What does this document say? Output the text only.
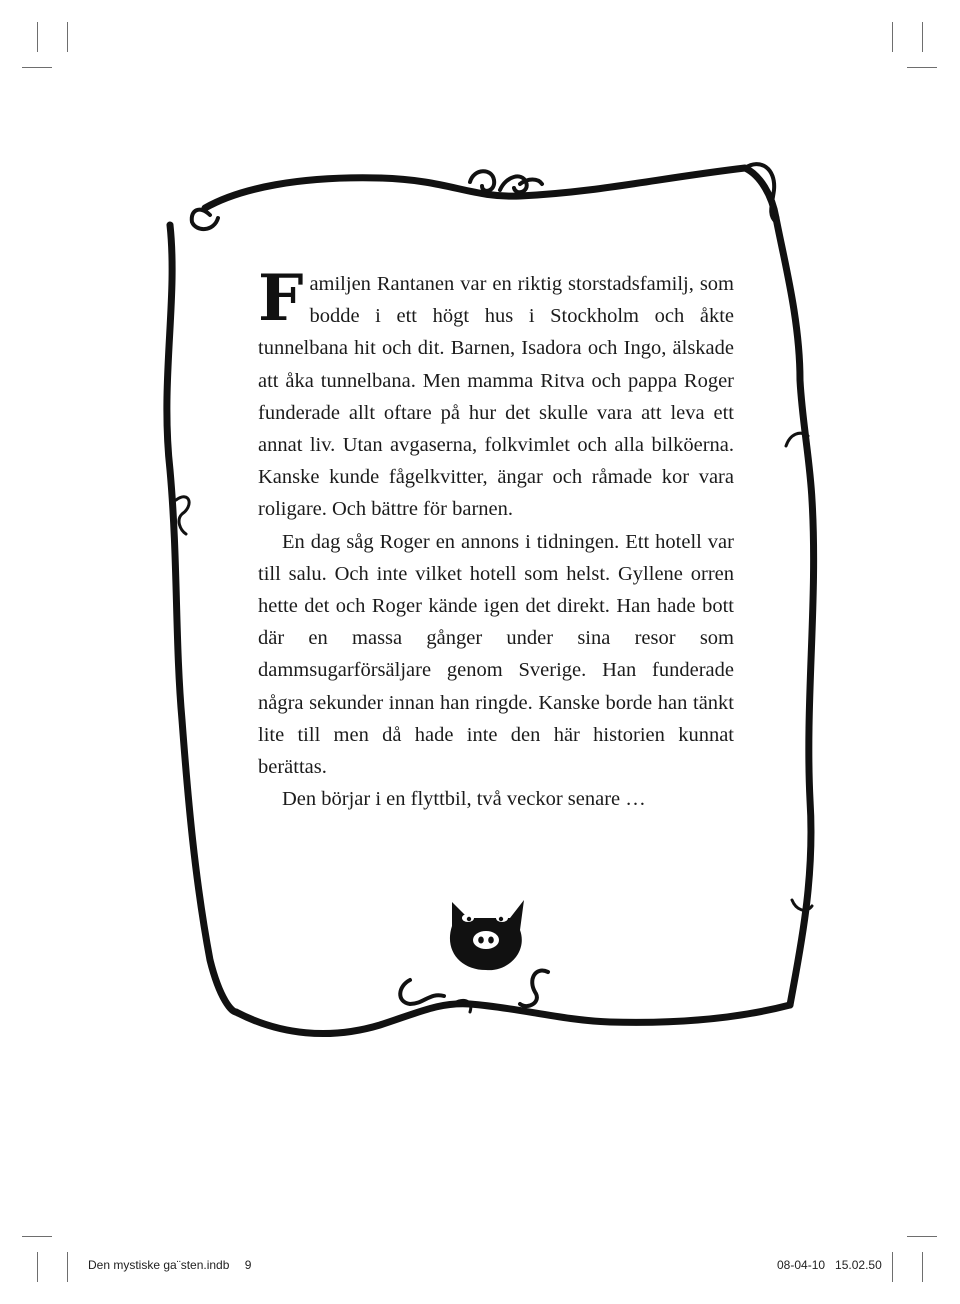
Familjen Rantanen var en riktig storstadsfamilj, som bodde i ett högt hus i Stockholm och åkte tunnelbana hit och dit. Barnen, Isadora och Ingo, älskade att åka tunnelbana. Men mamma Ritva och pappa Roger funderade allt oftare på hur det skulle vara att leva ett annat liv. Utan avgaserna, folkvimlet och alla bilköerna. Kanske kunde fågelkvitter, ängar och råmade kor vara roligare. Och bättre för barnen.

En dag såg Roger en annons i tidningen. Ett hotell var till salu. Och inte vilket hotell som helst. Gyllene orren hette det och Roger kände igen det direkt. Han hade bott där en massa gånger under sina resor som dammsugarförsäljare genom Sverige. Han funderade några sekunder innan han ringde. Kanske borde han tänkt lite till men då hade inte den här historien kunnat berättas.

Den börjar i en flyttbil, två veckor senare …

Den mystiske ga¨sten.indb 9	08-04-10   15.02.50
